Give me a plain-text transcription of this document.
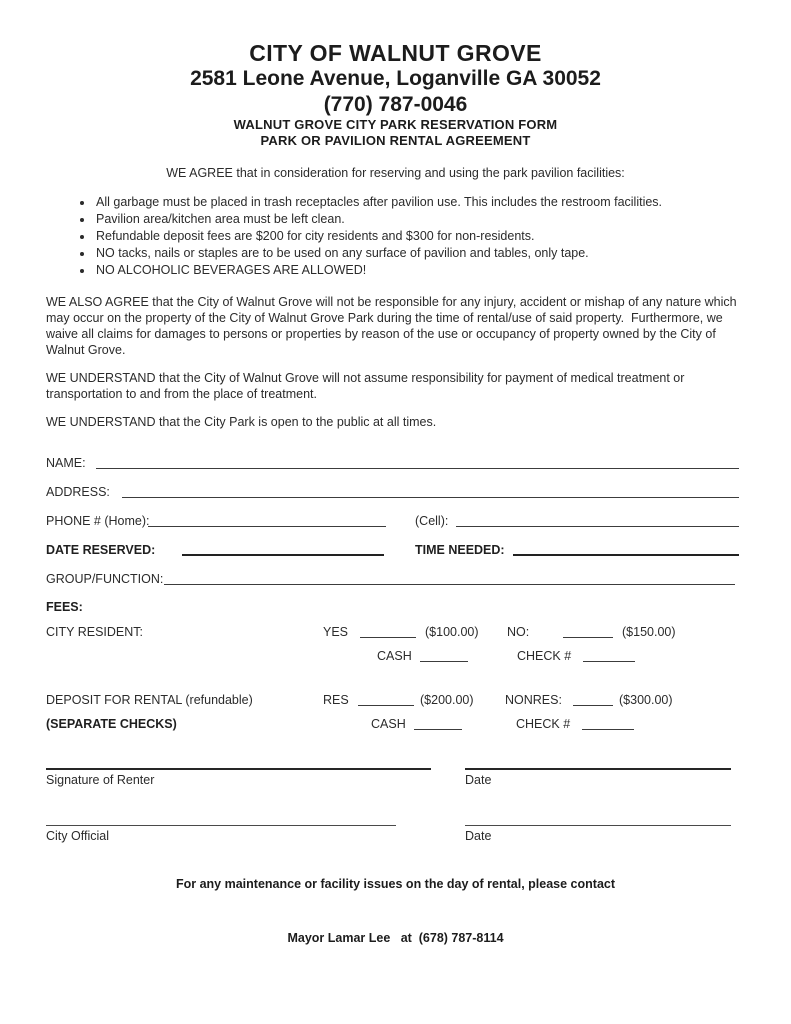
CITY OF WALNUT GROVE
2581 Leone Avenue, Loganville GA 30052
(770) 787-0046
WALNUT GROVE CITY PARK RESERVATION FORM
PARK OR PAVILION RENTAL AGREEMENT

WE AGREE that in consideration for reserving and using the park pavilion facilities:

• All garbage must be placed in trash receptacles after pavilion use. This includes the restroom facilities.
• Pavilion area/kitchen area must be left clean.
• Refundable deposit fees are $200 for city residents and $300 for non-residents.
• NO tacks, nails or staples are to be used on any surface of pavilion and tables, only tape.
• NO ALCOHOLIC BEVERAGES ARE ALLOWED!

WE ALSO AGREE that the City of Walnut Grove will not be responsible for any injury, accident or mishap of any nature which may occur on the property of the City of Walnut Grove Park during the time of rental/use of said property.  Furthermore, we waive all claims for damages to persons or properties by reason of the use or occupancy of property owned by the City of Walnut Grove.

WE UNDERSTAND that the City of Walnut Grove will not assume responsibility for payment of medical treatment or transportation to and from the place of treatment.

WE UNDERSTAND that the City Park is open to the public at all times.

NAME:
ADDRESS:
PHONE # (Home):	(Cell):
DATE RESERVED:	TIME NEEDED:
GROUP/FUNCTION:
FEES:
CITY RESIDENT:	YES	($100.00) NO:	($150.00)
CASH	CHECK #
DEPOSIT FOR RENTAL (refundable)	RES	($200.00)	NONRES:	($300.00)
(SEPARATE CHECKS)	CASH	CHECK #
Signature of Renter	Date
City Official	Date

For any maintenance or facility issues on the day of rental, please contact

Mayor Lamar Lee   at  (678) 787-8114
